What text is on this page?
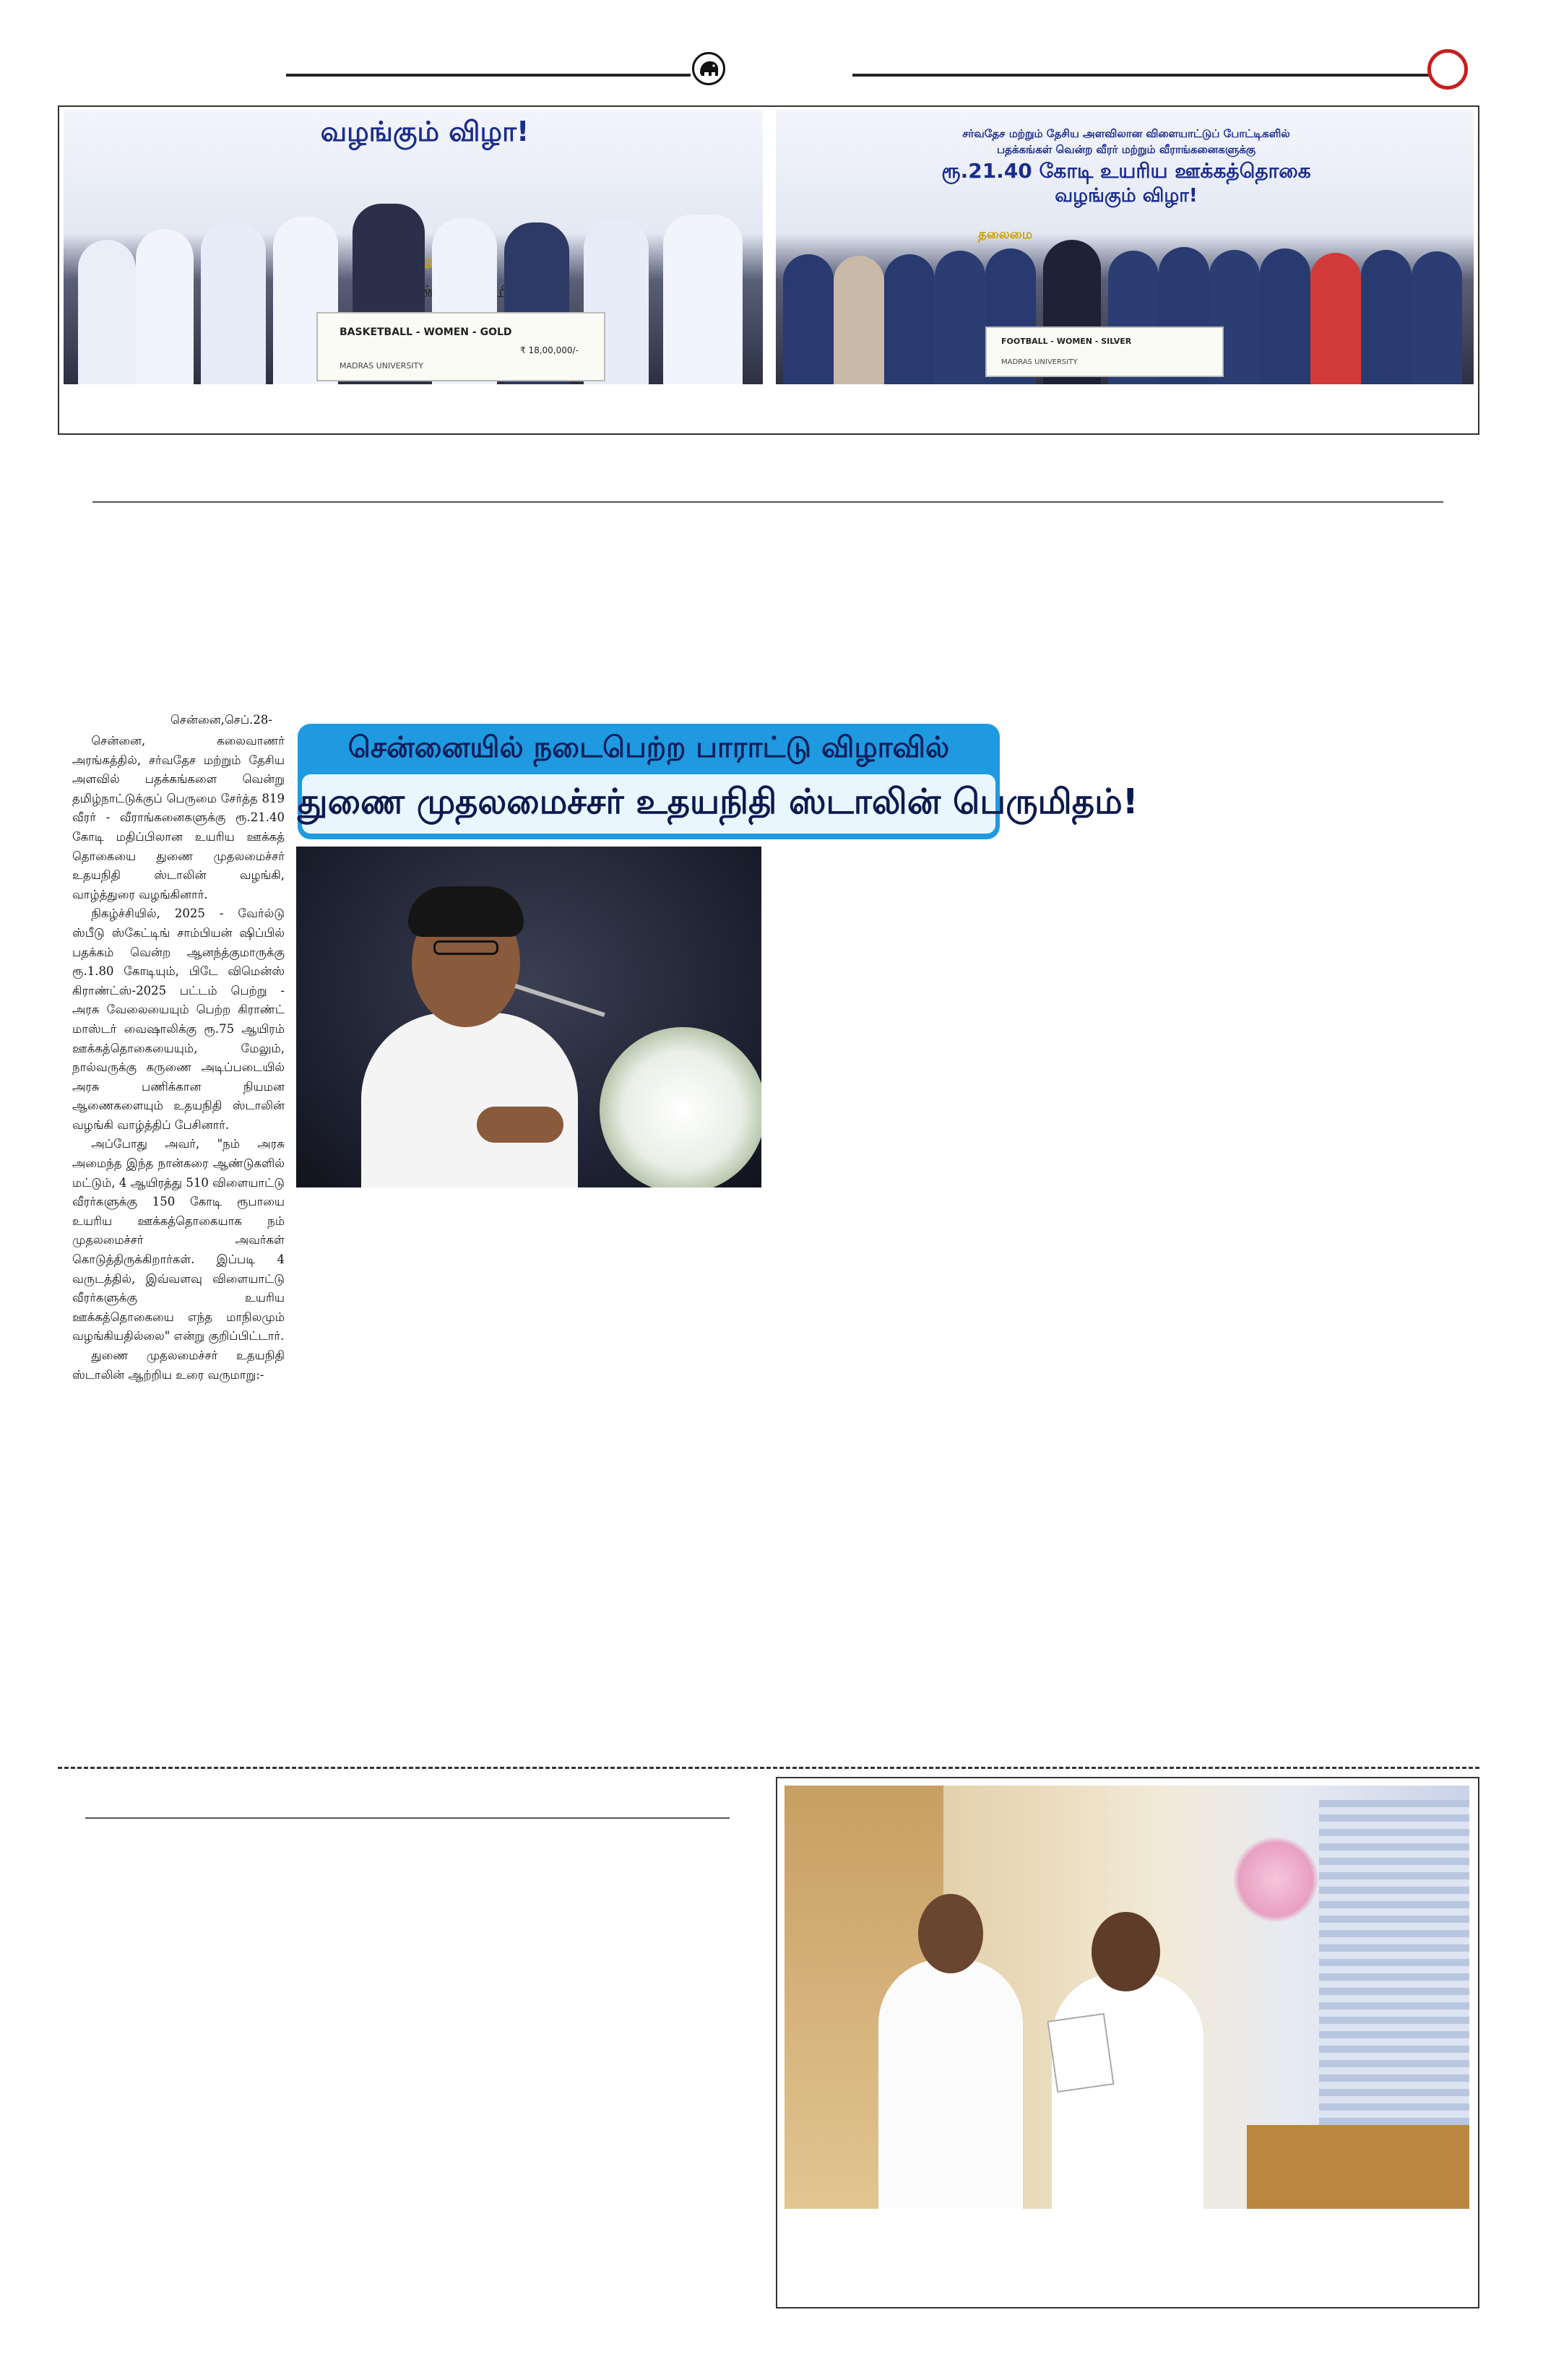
வழங்கும் விழா!
BASKETBALL - WOMEN - GOLD
₹ 18,00,000/-
MADRAS UNIVERSITY
சர்வதேச மற்றும் தேசிய அளவிலான விளையாட்டுப் போட்டிகளில்
பதக்கங்கள் வென்ற வீரர் மற்றும் வீராங்கனைகளுக்கு
ரூ.21.40 கோடி உயரிய ஊக்கத்தொகை
வழங்கும் விழா!
தலைமை
FOOTBALL - WOMEN - SILVER
MADRAS UNIVERSITY
சென்னை,செப்.28-

சென்னை, கலைவாணர் அரங்கத்தில், சர்வதேச மற்றும் தேசிய அளவில் பதக்கங்களை வென்று தமிழ்நாட்டுக்குப் பெருமை சேர்த்த 819 வீரர் - வீராங்கனைகளுக்கு ரூ.21.40 கோடி மதிப்பிலான உயரிய ஊக்கத் தொகையை துணை முதலமைச்சர் உதயநிதி ஸ்டாலின் வழங்கி, வாழ்த்துரை வழங்கினார்.

நிகழ்ச்சியில், 2025 - வேர்ல்டு ஸ்பீடு ஸ்கேட்டிங் சாம்பியன் ஷிப்பில் பதக்கம் வென்ற ஆனந்த்குமாருக்கு ரூ.1.80 கோடியும், பிடே விமென்ஸ் கிராண்ட்ஸ்-2025 பட்டம் பெற்று - அரசு வேலையையும் பெற்ற கிராண்ட் மாஸ்டர் வைஷாலிக்கு ரூ.75 ஆயிரம் ஊக்கத்தொகையையும், மேலும், நால்வருக்கு கருணை அடிப்படையில் அரசு பணிக்கான நியமன ஆணைகளையும் உதயநிதி ஸ்டாலின் வழங்கி வாழ்த்திப் பேசினார்.

அப்போது அவர், "நம் அரசு அமைந்த இந்த நான்கரை ஆண்டுகளில் மட்டும், 4 ஆயிரத்து 510 விளையாட்டு வீரர்களுக்கு 150 கோடி ரூபாயை உயரிய ஊக்கத்தொகையாக நம் முதலமைச்சர் அவர்கள் கொடுத்திருக்கிறார்கள். இப்படி 4 வருடத்தில், இவ்வளவு விளையாட்டு வீரர்களுக்கு உயரிய ஊக்கத்தொகையை எந்த மாநிலமும் வழங்கியதில்லை" என்று குறிப்பிட்டார்.

துணை முதலமைச்சர் உதயநிதி ஸ்டாலின் ஆற்றிய உரை வருமாறு:-

சென்னையில் நடைபெற்ற பாராட்டு விழாவில்
துணை முதலமைச்சர் உதயநிதி ஸ்டாலின் பெருமிதம்!
